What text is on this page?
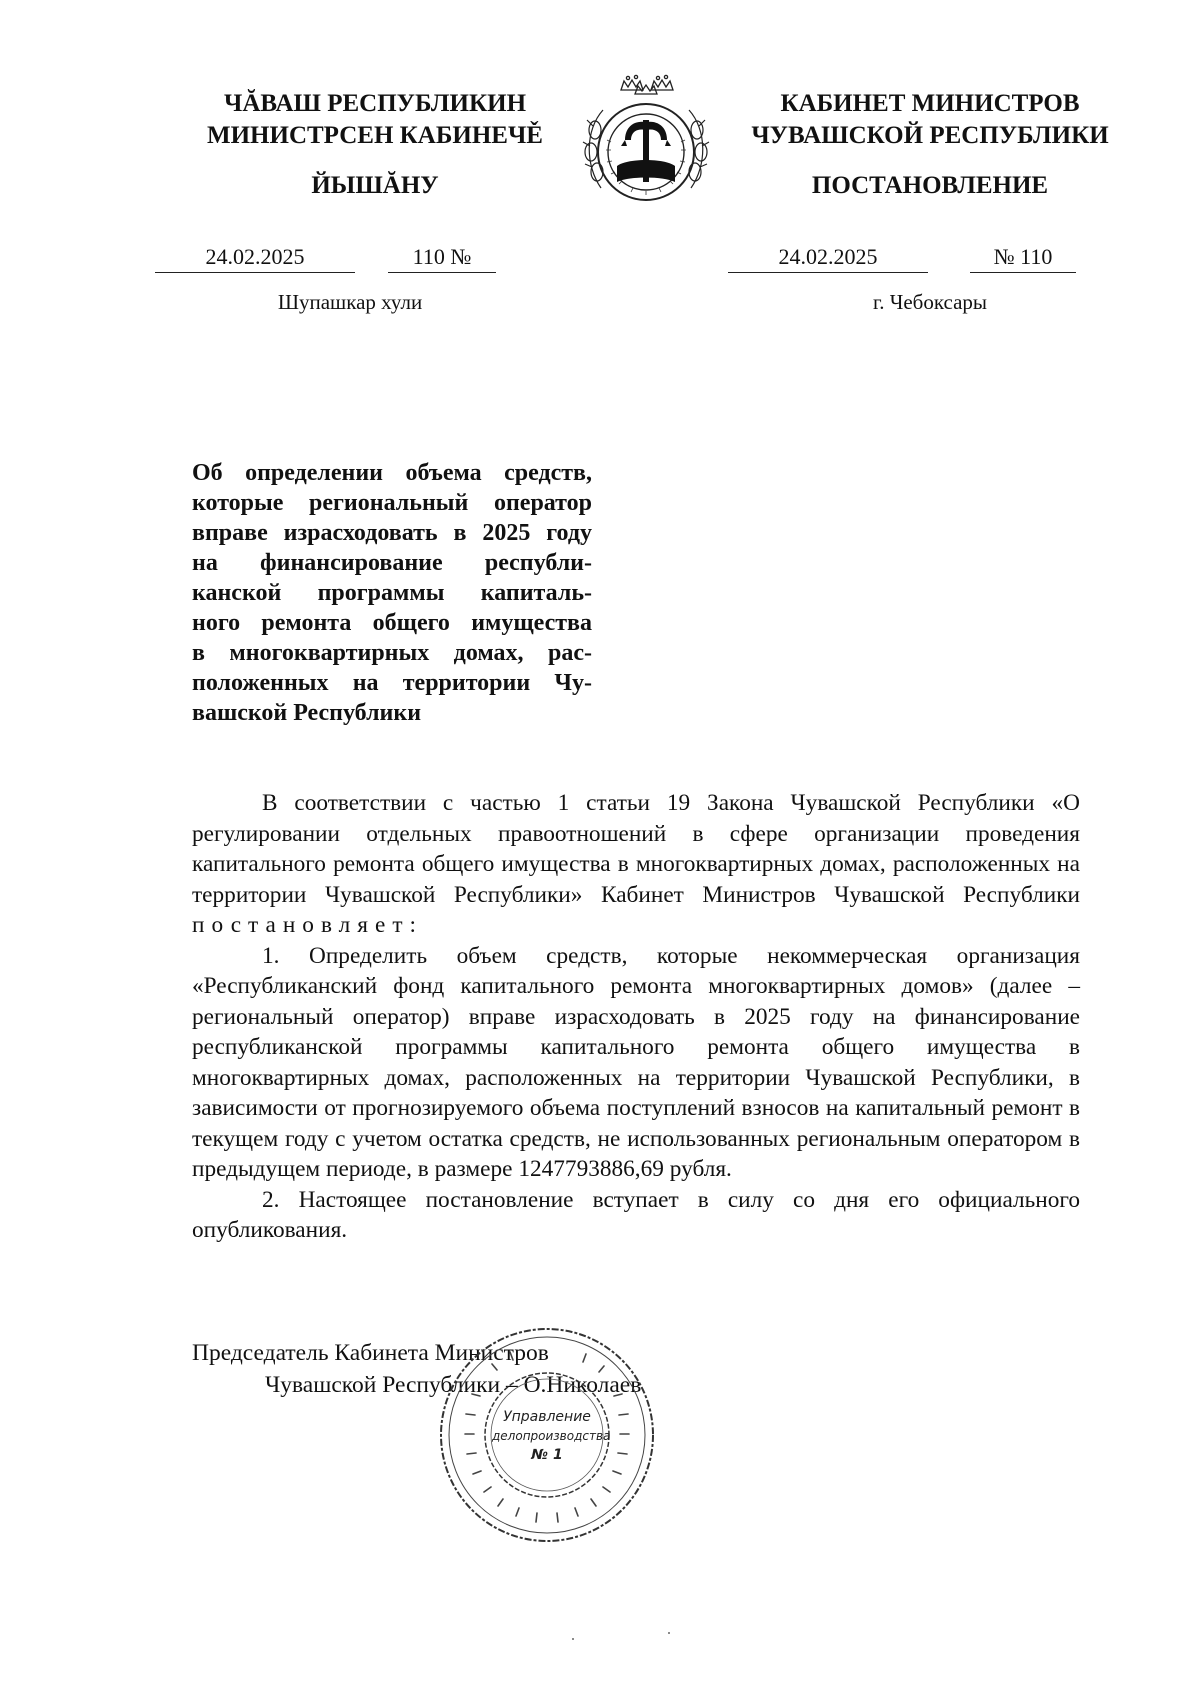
ЧĂВАШ РЕСПУБЛИКИН
МИНИСТРСЕН КАБИНЕЧĚ
ЙЫШĂНУ
КАБИНЕТ МИНИСТРОВ
ЧУВАШСКОЙ РЕСПУБЛИКИ
ПОСТАНОВЛЕНИЕ
24.02.2025	110 №	24.02.2025	№ 110
Шупашкар хули	г. Чебоксары
Об определении объема средств,
которые региональный оператор
вправе израсходовать в 2025 году
на финансирование республи-
канской программы капиталь-
ного ремонта общего имущества
в многоквартирных домах, рас-
положенных на территории Чу-
вашской Республики

В соответствии с частью 1 статьи 19 Закона Чувашской Республики «О регулировании отдельных правоотношений в сфере организации проведения капитального ремонта общего имущества в многоквартирных домах, расположенных на территории Чувашской Республики» Кабинет Министров Чувашской Республики постановляет:

1. Определить объем средств, которые некоммерческая организация «Республиканский фонд капитального ремонта многоквартирных домов» (далее – региональный оператор) вправе израсходовать в 2025 году на финансирование республиканской программы капитального ремонта общего имущества в многоквартирных домах, расположенных на территории Чувашской Республики, в зависимости от прогнозируемого объема поступлений взносов на капитальный ремонт в текущем году с учетом остатка средств, не использованных региональным оператором в предыдущем периоде, в размере 1247793886,69 рубля.

2. Настоящее постановление вступает в силу со дня его официального опубликования.

Председатель Кабинета Министров
Чувашской Республики – О.Николаев
Управление
делопроизводства
№ 1
